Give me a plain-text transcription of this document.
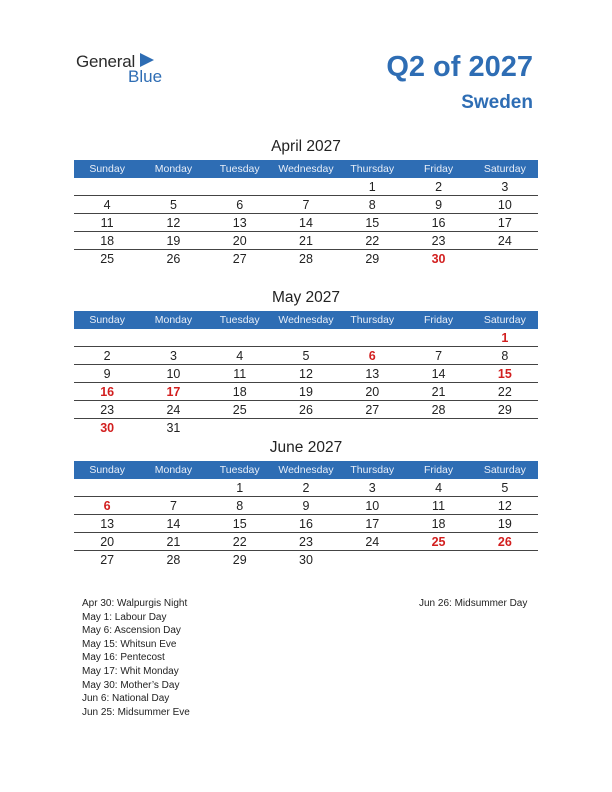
General
Blue	Q2 of 2027
Sweden
April 2027
Sunday	Monday	Tuesday	Wednesday	Thursday	Friday	Saturday
				1	2	3
4	5	6	7	8	9	10
11	12	13	14	15	16	17
18	19	20	21	22	23	24
25	26	27	28	29	30	
May 2027
Sunday	Monday	Tuesday	Wednesday	Thursday	Friday	Saturday
						1
2	3	4	5	6	7	8
9	10	11	12	13	14	15
16	17	18	19	20	21	22
23	24	25	26	27	28	29
30	31					
June 2027
Sunday	Monday	Tuesday	Wednesday	Thursday	Friday	Saturday
		1	2	3	4	5
6	7	8	9	10	11	12
13	14	15	16	17	18	19
20	21	22	23	24	25	26
27	28	29	30			
Apr 30: Walpurgis Night
May 1: Labour Day
May 6: Ascension Day
May 15: Whitsun Eve
May 16: Pentecost
May 17: Whit Monday
May 30: Mother’s Day
Jun 6: National Day
Jun 25: Midsummer Eve
Jun 26: Midsummer Day
